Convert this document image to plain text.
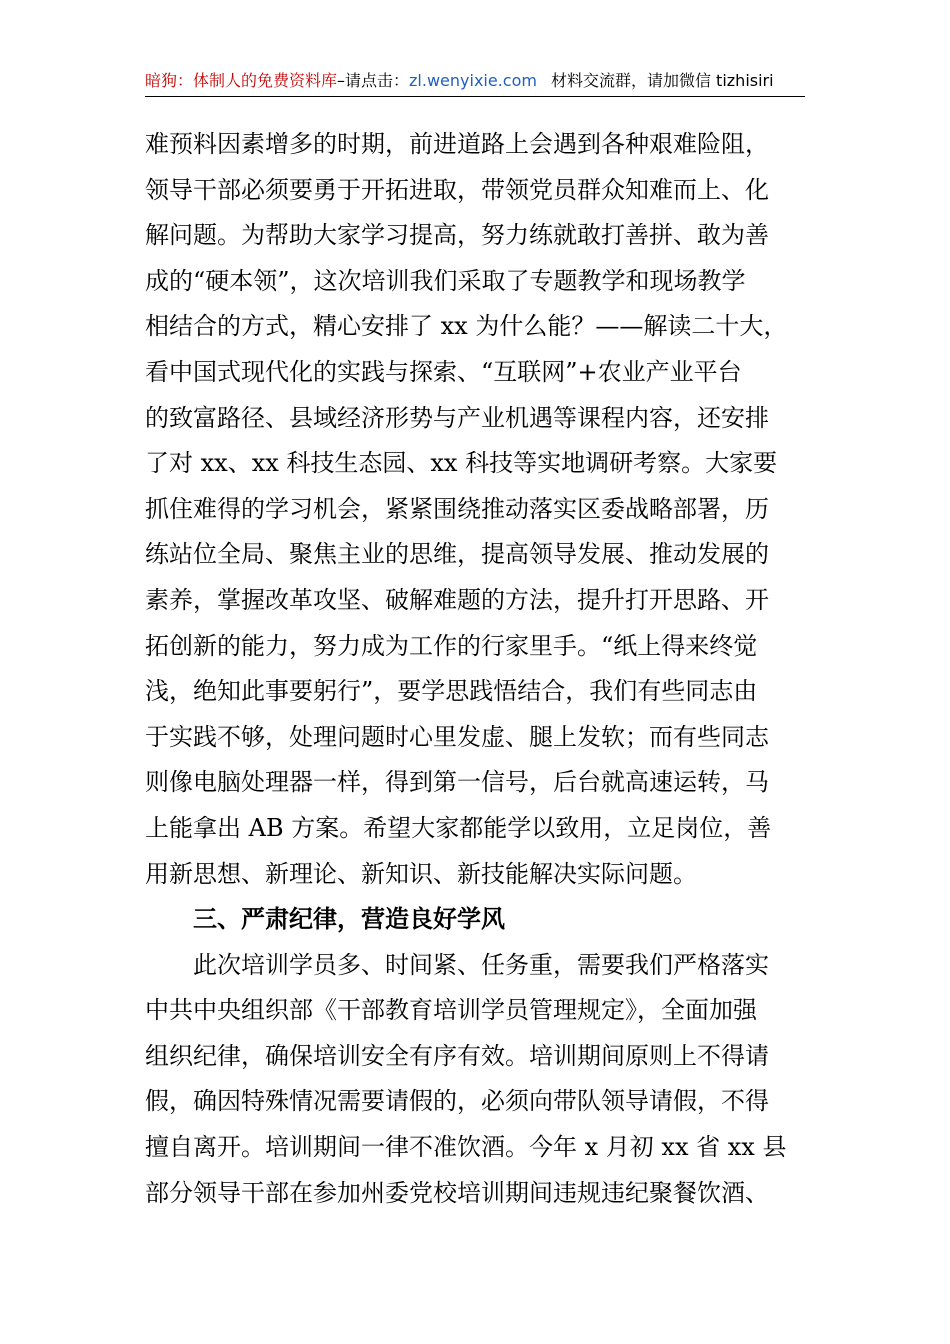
暗狗：体制人的免费资料库–请点击：zl.wenyixie.com 材料交流群，请加微信 tizhisiri
难预料因素增多的时期，前进道路上会遇到各种艰难险阻，
领导干部必须要勇于开拓进取，带领党员群众知难而上、化
解问题。为帮助大家学习提高，努力练就敢打善拼、敢为善
成的“硬本领”，这次培训我们采取了专题教学和现场教学
相结合的方式，精心安排了 xx 为什么能？——解读二十大，
看中国式现代化的实践与探索、“互联网”+农业产业平台
的致富路径、县域经济形势与产业机遇等课程内容，还安排
了对 xx、xx 科技生态园、xx 科技等实地调研考察。大家要
抓住难得的学习机会，紧紧围绕推动落实区委战略部署，历
练站位全局、聚焦主业的思维，提高领导发展、推动发展的
素养，掌握改革攻坚、破解难题的方法，提升打开思路、开
拓创新的能力，努力成为工作的行家里手。“纸上得来终觉
浅，绝知此事要躬行”，要学思践悟结合，我们有些同志由
于实践不够，处理问题时心里发虚、腿上发软；而有些同志
则像电脑处理器一样，得到第一信号，后台就高速运转，马
上能拿出 AB 方案。希望大家都能学以致用，立足岗位，善
用新思想、新理论、新知识、新技能解决实际问题。
三、严肃纪律，营造良好学风
此次培训学员多、时间紧、任务重，需要我们严格落实
中共中央组织部《干部教育培训学员管理规定》，全面加强
组织纪律，确保培训安全有序有效。培训期间原则上不得请
假，确因特殊情况需要请假的，必须向带队领导请假，不得
擅自离开。培训期间一律不准饮酒。今年 x 月初 xx 省 xx 县
部分领导干部在参加州委党校培训期间违规违纪聚餐饮酒、
